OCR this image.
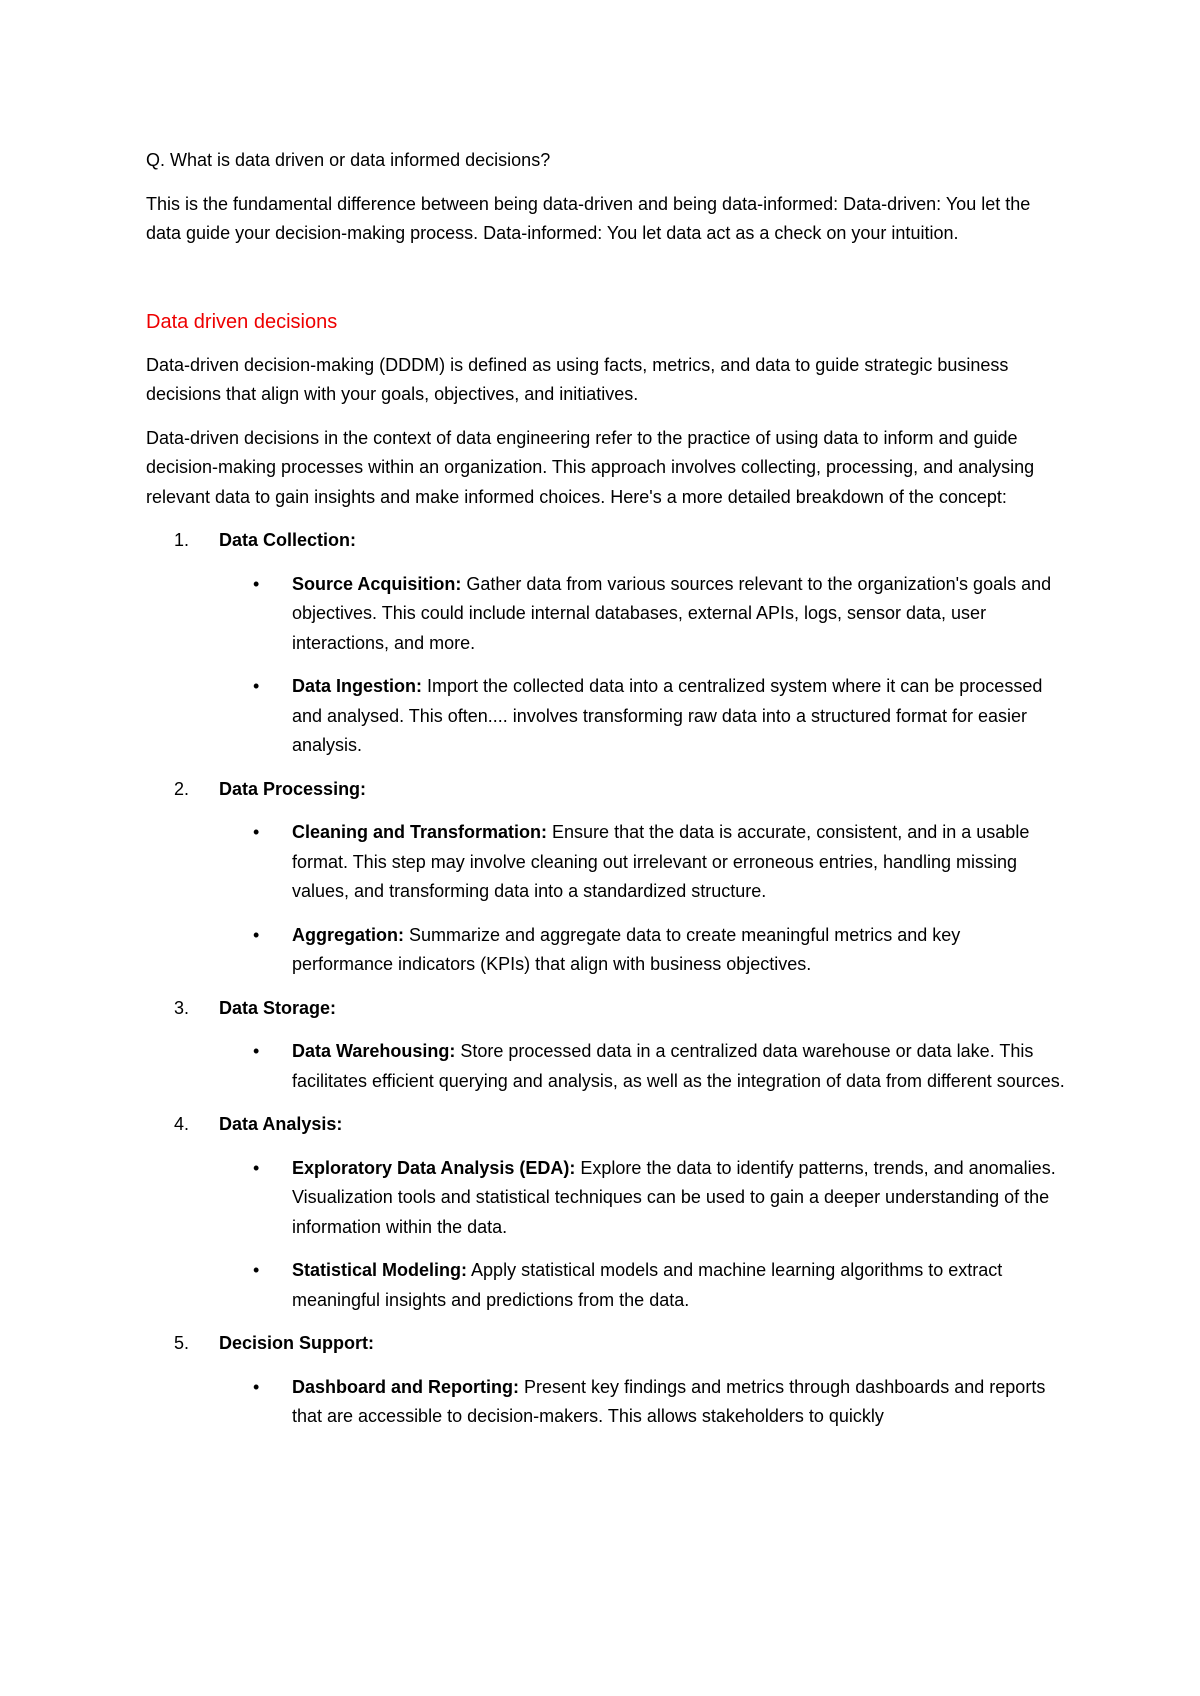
Q. What is data driven or data informed decisions?

This is the fundamental difference between being data-driven and being data-informed: Data-driven: You let the data guide your decision-making process. Data-informed: You let data act as a check on your intuition.

Data driven decisions

Data-driven decision-making (DDDM) is defined as using facts, metrics, and data to guide strategic business decisions that align with your goals, objectives, and initiatives.

Data-driven decisions in the context of data engineering refer to the practice of using data to inform and guide decision-making processes within an organization. This approach involves collecting, processing, and analysing relevant data to gain insights and make informed choices. Here's a more detailed breakdown of the concept:

1. Data Collection:
• Source Acquisition: Gather data from various sources relevant to the organization's goals and objectives. This could include internal databases, external APIs, logs, sensor data, user interactions, and more.
• Data Ingestion: Import the collected data into a centralized system where it can be processed and analysed. This often.... involves transforming raw data into a structured format for easier analysis.
2. Data Processing:
• Cleaning and Transformation: Ensure that the data is accurate, consistent, and in a usable format. This step may involve cleaning out irrelevant or erroneous entries, handling missing values, and transforming data into a standardized structure.
• Aggregation: Summarize and aggregate data to create meaningful metrics and key performance indicators (KPIs) that align with business objectives.
3. Data Storage:
• Data Warehousing: Store processed data in a centralized data warehouse or data lake. This facilitates efficient querying and analysis, as well as the integration of data from different sources.
4. Data Analysis:
• Exploratory Data Analysis (EDA): Explore the data to identify patterns, trends, and anomalies. Visualization tools and statistical techniques can be used to gain a deeper understanding of the information within the data.
• Statistical Modeling: Apply statistical models and machine learning algorithms to extract meaningful insights and predictions from the data.
5. Decision Support:
• Dashboard and Reporting: Present key findings and metrics through dashboards and reports that are accessible to decision-makers. This allows stakeholders to quickly
